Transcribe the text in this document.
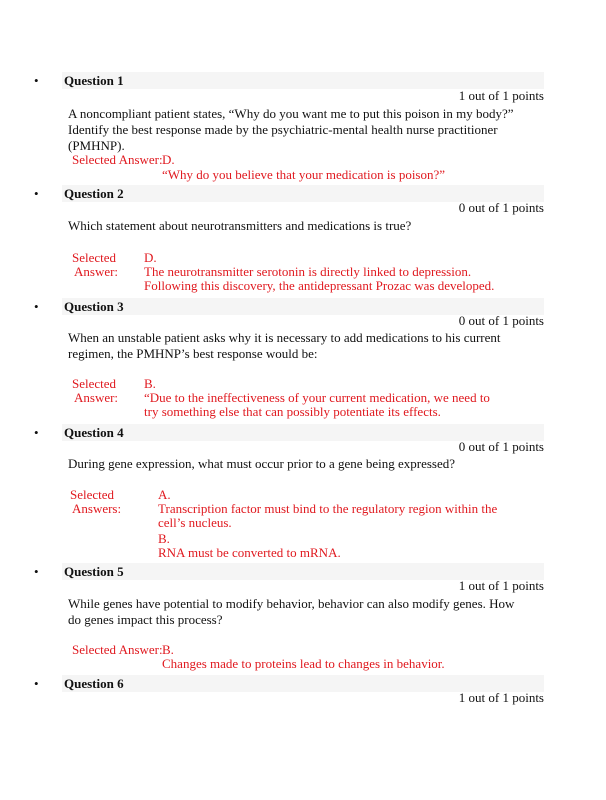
• Question 1
1 out of 1 points
A noncompliant patient states, “Why do you want me to put this poison in my body?” Identify the best response made by the psychiatric-mental health nurse practitioner (PMHNP).
Selected Answer: D.
“Why do you believe that your medication is poison?”
• Question 2
0 out of 1 points
Which statement about neurotransmitters and medications is true?
Selected
Answer:
D.
The neurotransmitter serotonin is directly linked to depression. Following this discovery, the antidepressant Prozac was developed.
• Question 3
0 out of 1 points
When an unstable patient asks why it is necessary to add medications to his current regimen, the PMHNP’s best response would be:
Selected
Answer:
B.
“Due to the ineffectiveness of your current medication, we need to try something else that can possibly potentiate its effects.
• Question 4
0 out of 1 points
During gene expression, what must occur prior to a gene being expressed?
Selected
Answers:
A.
Transcription factor must bind to the regulatory region within the cell’s nucleus.
B.
RNA must be converted to mRNA.
• Question 5
1 out of 1 points
While genes have potential to modify behavior, behavior can also modify genes. How do genes impact this process?
Selected Answer: B.
Changes made to proteins lead to changes in behavior.
• Question 6
1 out of 1 points
